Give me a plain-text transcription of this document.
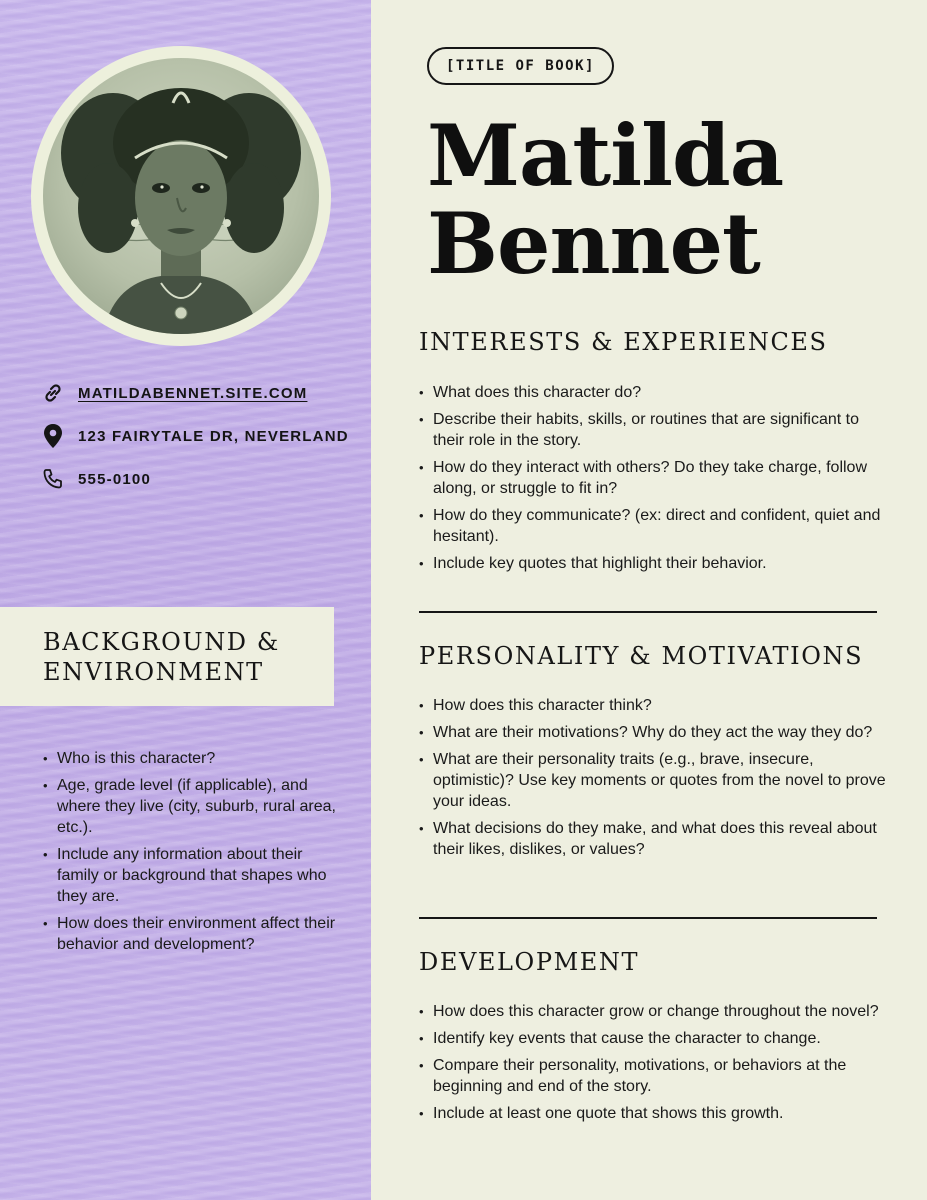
MATILDABENNET.SITE.COM
123 FAIRYTALE DR, NEVERLAND
555-0100
BACKGROUND &
ENVIRONMENT
• Who is this character?
• Age, grade level (if applicable), and where they live (city, suburb, rural area, etc.).
• Include any information about their family or background that shapes who they are.
• How does their environment affect their behavior and development?
[TITLE OF BOOK]
Matilda
Bennet
INTERESTS & EXPERIENCES
• What does this character do?
• Describe their habits, skills, or routines that are significant to their role in the story.
• How do they interact with others? Do they take charge, follow along, or struggle to fit in?
• How do they communicate? (ex: direct and confident, quiet and hesitant).
• Include key quotes that highlight their behavior.
PERSONALITY & MOTIVATIONS
• How does this character think?
• What are their motivations? Why do they act the way they do?
• What are their personality traits (e.g., brave, insecure, optimistic)? Use key moments or quotes from the novel to prove your ideas.
• What decisions do they make, and what does this reveal about their likes, dislikes, or values?
DEVELOPMENT
• How does this character grow or change throughout the novel?
• Identify key events that cause the character to change.
• Compare their personality, motivations, or behaviors at the beginning and end of the story.
• Include at least one quote that shows this growth.
